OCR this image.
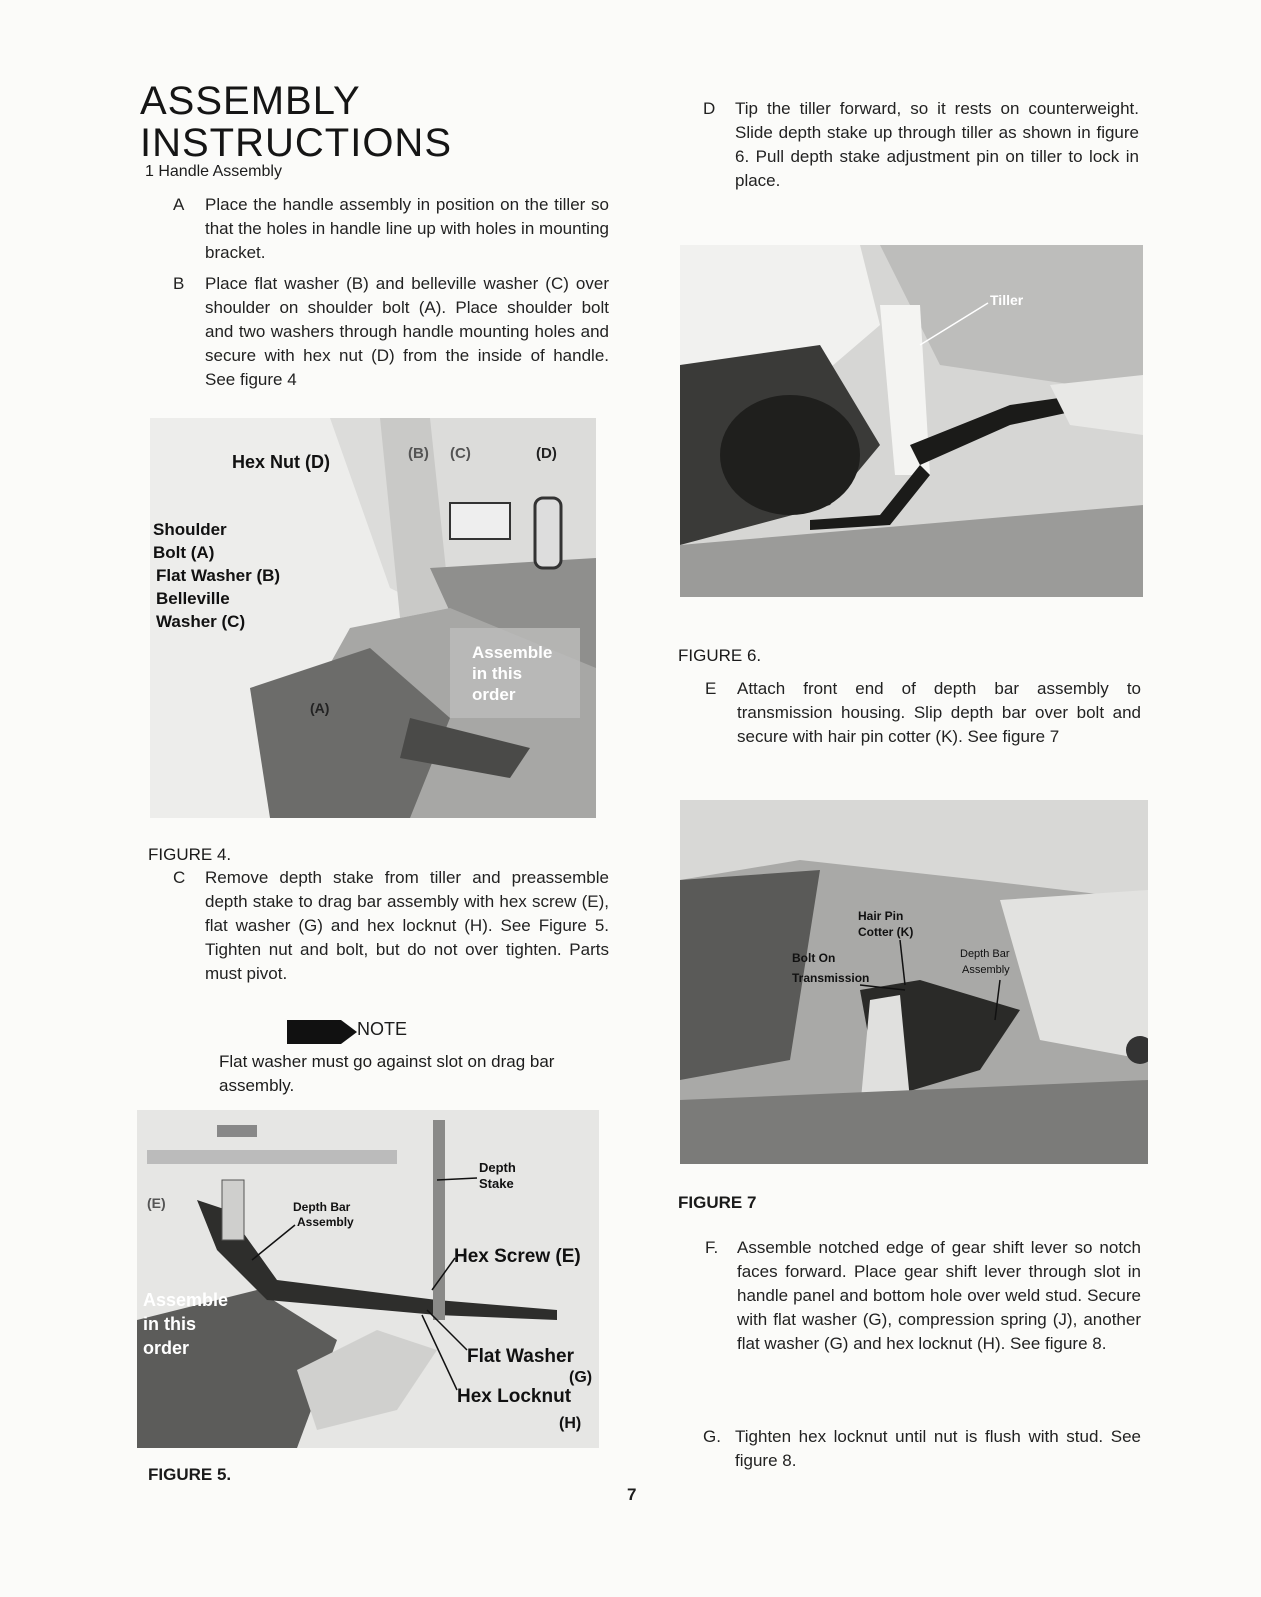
ASSEMBLY
INSTRUCTIONS
1 Handle Assembly
A Place the handle assembly in position on the tiller so that the holes in handle line up with holes in mounting bracket.
B Place flat washer (B) and belleville washer (C) over shoulder on shoulder bolt (A). Place shoulder bolt and two washers through handle mounting holes and secure with hex nut (D) from the inside of handle. See figure 4
Hex Nut (D)
Shoulder
Bolt (A)
Flat Washer (B)
Belleville
Washer (C)
(B) (C)	(D)
(A)
Assemble
in this
order
FIGURE 4.
C Remove depth stake from tiller and preassemble depth stake to drag bar assembly with hex screw (E), flat washer (G) and hex locknut (H). See Figure 5. Tighten nut and bolt, but do not over tighten. Parts must pivot.
NOTE
Flat washer must go against slot on drag bar assembly.
Depth
Stake
Depth Bar
Assembly
Hex Screw (E)
Flat Washer
(G)
Hex Locknut
(H)
(E)
Assemble
in this
order
FIGURE 5.
D Tip the tiller forward, so it rests on counterweight. Slide depth stake up through tiller as shown in figure 6. Pull depth stake adjustment pin on tiller to lock in place.
Tiller
FIGURE 6.
E Attach front end of depth bar assembly to transmission housing. Slip depth bar over bolt and secure with hair pin cotter (K). See figure 7
Hair Pin
Cotter (K)
Bolt On
Transmission
Depth Bar
Assembly
FIGURE 7
F. Assemble notched edge of gear shift lever so notch faces forward. Place gear shift lever through slot in handle panel and bottom hole over weld stud. Secure with flat washer (G), compression spring (J), another flat washer (G) and hex locknut (H). See figure 8.
G. Tighten hex locknut until nut is flush with stud. See figure 8.
7
